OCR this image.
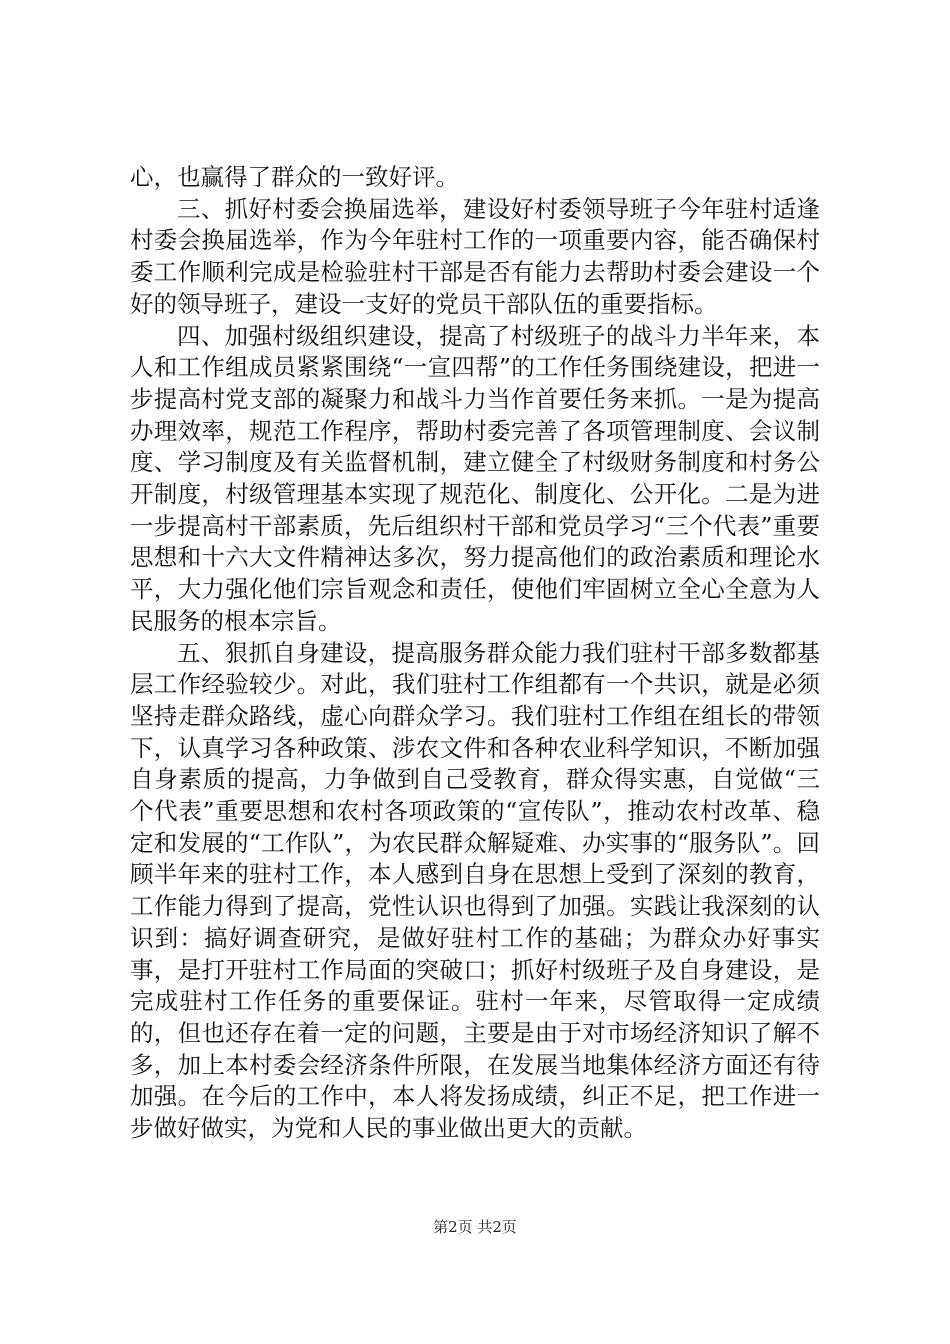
心，也赢得了群众的一致好评。

三、抓好村委会换届选举，建设好村委领导班子今年驻村适逢村委会换届选举，作为今年驻村工作的一项重要内容，能否确保村委工作顺利完成是检验驻村干部是否有能力去帮助村委会建设一个好的领导班子，建设一支好的党员干部队伍的重要指标。

四、加强村级组织建设，提高了村级班子的战斗力半年来，本人和工作组成员紧紧围绕“一宣四帮”的工作任务围绕建设，把进一步提高村党支部的凝聚力和战斗力当作首要任务来抓。一是为提高办理效率，规范工作程序，帮助村委完善了各项管理制度、会议制度、学习制度及有关监督机制，建立健全了村级财务制度和村务公开制度，村级管理基本实现了规范化、制度化、公开化。二是为进一步提高村干部素质，先后组织村干部和党员学习“三个代表”重要思想和十六大文件精神达多次，努力提高他们的政治素质和理论水平，大力强化他们宗旨观念和责任，使他们牢固树立全心全意为人民服务的根本宗旨。

五、狠抓自身建设，提高服务群众能力我们驻村干部多数都基层工作经验较少。对此，我们驻村工作组都有一个共识，就是必须坚持走群众路线，虚心向群众学习。我们驻村工作组在组长的带领下，认真学习各种政策、涉农文件和各种农业科学知识，不断加强自身素质的提高，力争做到自己受教育，群众得实惠，自觉做“三个代表”重要思想和农村各项政策的“宣传队”，推动农村改革、稳定和发展的“工作队”，为农民群众解疑难、办实事的“服务队”。回顾半年来的驻村工作，本人感到自身在思想上受到了深刻的教育，工作能力得到了提高，党性认识也得到了加强。实践让我深刻的认识到：搞好调查研究，是做好驻村工作的基础；为群众办好事实事，是打开驻村工作局面的突破口；抓好村级班子及自身建设，是完成驻村工作任务的重要保证。驻村一年来，尽管取得一定成绩的，但也还存在着一定的问题，主要是由于对市场经济知识了解不多，加上本村委会经济条件所限，在发展当地集体经济方面还有待加强。在今后的工作中，本人将发扬成绩，纠正不足，把工作进一步做好做实，为党和人民的事业做出更大的贡献。

第2页 共2页
